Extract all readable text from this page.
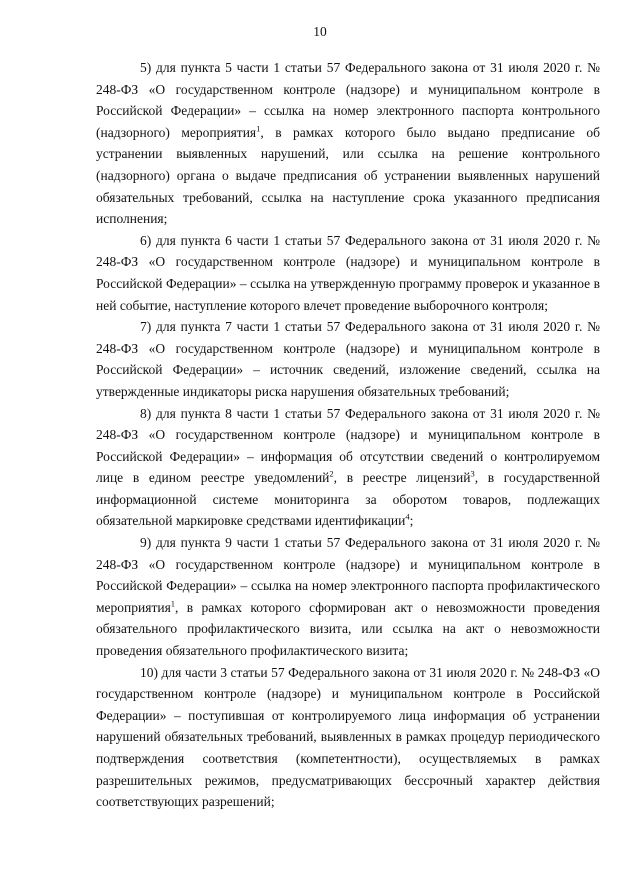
10

5) для пункта 5 части 1 статьи 57 Федерального закона от 31 июля 2020 г. № 248-ФЗ «О государственном контроле (надзоре) и муниципальном контроле в Российской Федерации» – ссылка на номер электронного паспорта контрольного (надзорного) мероприятия$^1$, в рамках которого было выдано предписание об устранении выявленных нарушений, или ссылка на решение контрольного (надзорного) органа о выдаче предписания об устранении выявленных нарушений обязательных требований, ссылка на наступление срока указанного предписания исполнения;

6) для пункта 6 части 1 статьи 57 Федерального закона от 31 июля 2020 г. № 248-ФЗ «О государственном контроле (надзоре) и муниципальном контроле в Российской Федерации» – ссылка на утвержденную программу проверок и указанное в ней событие, наступление которого влечет проведение выборочного контроля;

7) для пункта 7 части 1 статьи 57 Федерального закона от 31 июля 2020 г. № 248-ФЗ «О государственном контроле (надзоре) и муниципальном контроле в Российской Федерации» – источник сведений, изложение сведений, ссылка на утвержденные индикаторы риска нарушения обязательных требований;

8) для пункта 8 части 1 статьи 57 Федерального закона от 31 июля 2020 г. № 248-ФЗ «О государственном контроле (надзоре) и муниципальном контроле в Российской Федерации» – информация об отсутствии сведений о контролируемом лице в едином реестре уведомлений$^2$, в реестре лицензий$^3$, в государственной информационной системе мониторинга за оборотом товаров, подлежащих обязательной маркировке средствами идентификации$^4$;

9) для пункта 9 части 1 статьи 57 Федерального закона от 31 июля 2020 г. № 248-ФЗ «О государственном контроле (надзоре) и муниципальном контроле в Российской Федерации» – ссылка на номер электронного паспорта профилактического мероприятия$^1$, в рамках которого сформирован акт о невозможности проведения обязательного профилактического визита, или ссылка на акт о невозможности проведения обязательного профилактического визита;

10) для части 3 статьи 57 Федерального закона от 31 июля 2020 г. № 248-ФЗ «О государственном контроле (надзоре) и муниципальном контроле в Российской Федерации» – поступившая от контролируемого лица информация об устранении нарушений обязательных требований, выявленных в рамках процедур периодического подтверждения соответствия (компетентности), осуществляемых в рамках разрешительных режимов, предусматривающих бессрочный характер действия соответствующих разрешений;
